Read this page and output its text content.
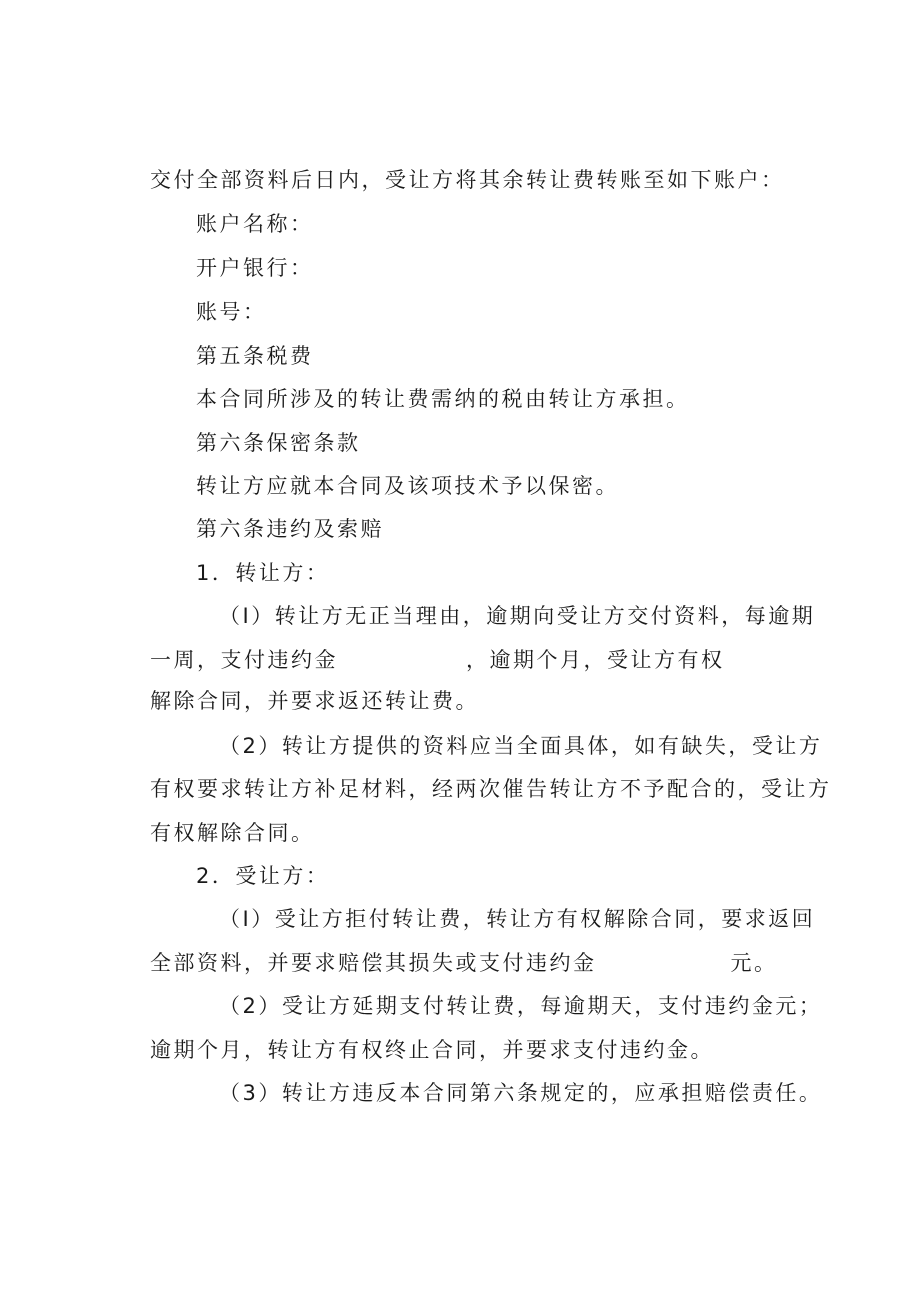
交付全部资料后日内，受让方将其余转让费转账至如下账户：
账户名称：
开户银行：
账号：
第五条税费
本合同所涉及的转让费需纳的税由转让方承担。
第六条保密条款
转让方应就本合同及该项技术予以保密。
第六条违约及索赔
1．转让方：
（I）转让方无正当理由，逾期向受让方交付资料，每逾期
一周，支付违约金	，逾期个月，受让方有权
解除合同，并要求返还转让费。
（2）转让方提供的资料应当全面具体，如有缺失，受让方
有权要求转让方补足材料，经两次催告转让方不予配合的，受让方
有权解除合同。
2．受让方：
（I）受让方拒付转让费，转让方有权解除合同，要求返回
全部资料，并要求赔偿其损失或支付违约金	元。
（2）受让方延期支付转让费，每逾期天，支付违约金元；
逾期个月，转让方有权终止合同，并要求支付违约金。
（3）转让方违反本合同第六条规定的，应承担赔偿责任。
